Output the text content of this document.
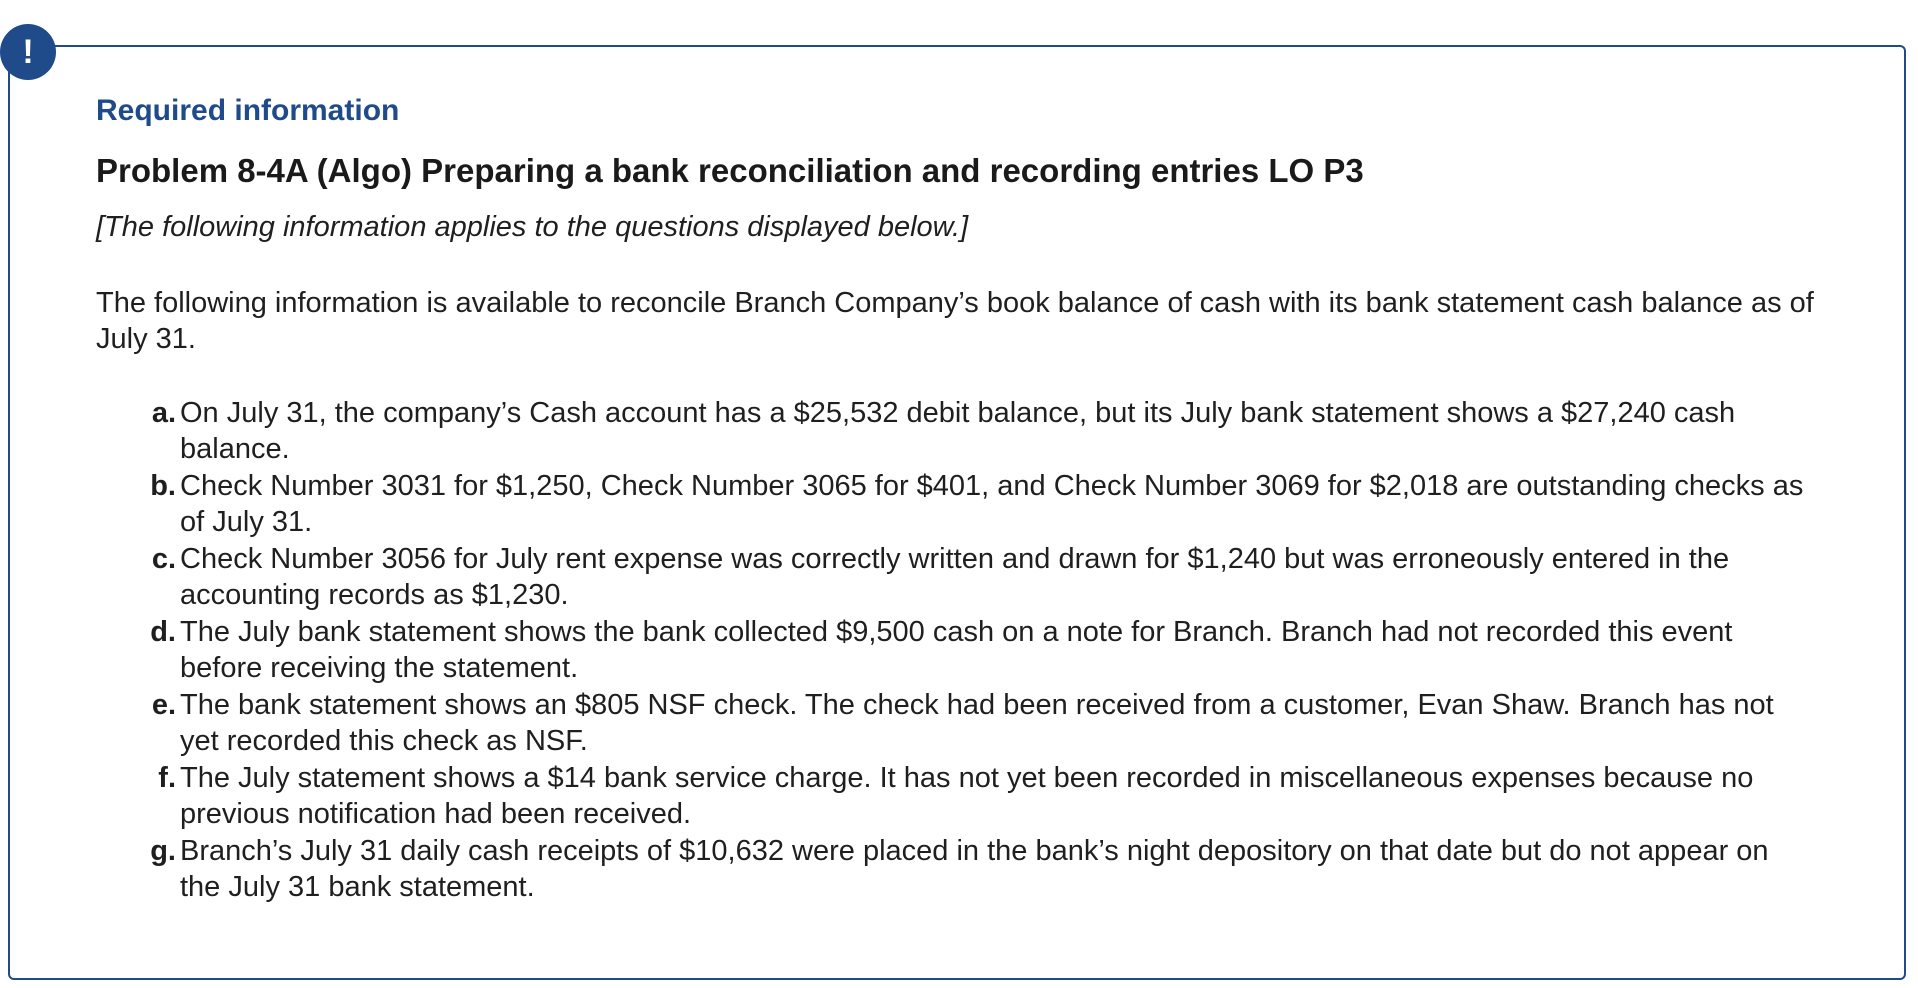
!

Required information

Problem 8-4A (Algo) Preparing a bank reconciliation and recording entries LO P3

[The following information applies to the questions displayed below.]

The following information is available to reconcile Branch Company’s book balance of cash with its bank statement cash balance as of July 31.

a. On July 31, the company’s Cash account has a $25,532 debit balance, but its July bank statement shows a $27,240 cash balance.
b. Check Number 3031 for $1,250, Check Number 3065 for $401, and Check Number 3069 for $2,018 are outstanding checks as of July 31.
c. Check Number 3056 for July rent expense was correctly written and drawn for $1,240 but was erroneously entered in the accounting records as $1,230.
d. The July bank statement shows the bank collected $9,500 cash on a note for Branch. Branch had not recorded this event before receiving the statement.
e. The bank statement shows an $805 NSF check. The check had been received from a customer, Evan Shaw. Branch has not yet recorded this check as NSF.
f. The July statement shows a $14 bank service charge. It has not yet been recorded in miscellaneous expenses because no previous notification had been received.
g. Branch’s July 31 daily cash receipts of $10,632 were placed in the bank’s night depository on that date but do not appear on the July 31 bank statement.
